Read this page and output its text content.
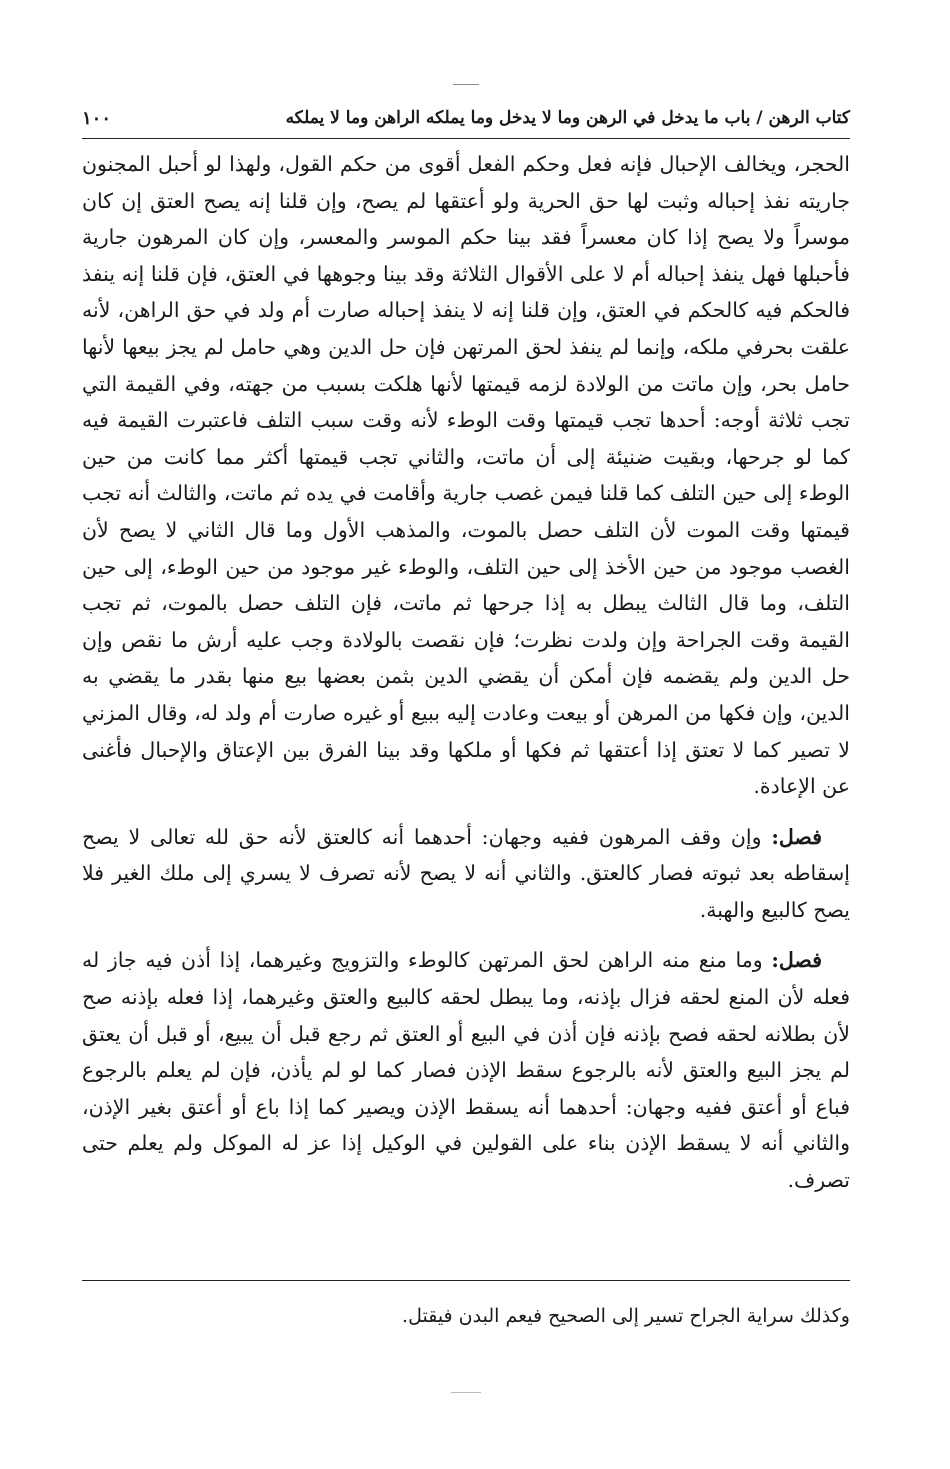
كتاب الرهن / باب ما يدخل في الرهن وما لا يدخل وما يملكه الراهن وما لا يملكه
١٠٠

الحجر، ويخالف الإحبال فإنه فعل وحكم الفعل أقوى من حكم القول، ولهذا لو أحبل المجنون جاريته نفذ إحباله وثبت لها حق الحرية ولو أعتقها لم يصح، وإن قلنا إنه يصح العتق إن كان موسراً ولا يصح إذا كان معسراً فقد بينا حكم الموسر والمعسر، وإن كان المرهون جارية فأحبلها فهل ينفذ إحباله أم لا على الأقوال الثلاثة وقد بينا وجوهها في العتق، فإن قلنا إنه ينفذ فالحكم فيه كالحكم في العتق، وإن قلنا إنه لا ينفذ إحباله صارت أم ولد في حق الراهن، لأنه علقت بحرفي ملكه، وإنما لم ينفذ لحق المرتهن فإن حل الدين وهي حامل لم يجز بيعها لأنها حامل بحر، وإن ماتت من الولادة لزمه قيمتها لأنها هلكت بسبب من جهته، وفي القيمة التي تجب ثلاثة أوجه: أحدها تجب قيمتها وقت الوطء لأنه وقت سبب التلف فاعتبرت القيمة فيه كما لو جرحها، وبقيت ضنيئة إلى أن ماتت، والثاني تجب قيمتها أكثر مما كانت من حين الوطء إلى حين التلف كما قلنا فيمن غصب جارية وأقامت في يده ثم ماتت، والثالث أنه تجب قيمتها وقت الموت لأن التلف حصل بالموت، والمذهب الأول وما قال الثاني لا يصح لأن الغصب موجود من حين الأخذ إلى حين التلف، والوطء غير موجود من حين الوطء، إلى حين التلف، وما قال الثالث يبطل به إذا جرحها ثم ماتت، فإن التلف حصل بالموت، ثم تجب القيمة وقت الجراحة وإن ولدت نظرت؛ فإن نقصت بالولادة وجب عليه أرش ما نقص وإن حل الدين ولم يقضمه فإن أمكن أن يقضي الدين بثمن بعضها بيع منها بقدر ما يقضي به الدين، وإن فكها من المرهن أو بيعت وعادت إليه ببيع أو غيره صارت أم ولد له، وقال المزني لا تصير كما لا تعتق إذا أعتقها ثم فكها أو ملكها وقد بينا الفرق بين الإعتاق والإحبال فأغنى عن الإعادة.

فصل: وإن وقف المرهون ففيه وجهان: أحدهما أنه كالعتق لأنه حق لله تعالى لا يصح إسقاطه بعد ثبوته فصار كالعتق. والثاني أنه لا يصح لأنه تصرف لا يسري إلى ملك الغير فلا يصح كالبيع والهبة.

فصل: وما منع منه الراهن لحق المرتهن كالوطء والتزويج وغيرهما، إذا أذن فيه جاز له فعله لأن المنع لحقه فزال بإذنه، وما يبطل لحقه كالبيع والعتق وغيرهما، إذا فعله بإذنه صح لأن بطلانه لحقه فصح بإذنه فإن أذن في البيع أو العتق ثم رجع قبل أن يبيع، أو قبل أن يعتق لم يجز البيع والعتق لأنه بالرجوع سقط الإذن فصار كما لو لم يأذن، فإن لم يعلم بالرجوع فباع أو أعتق ففيه وجهان: أحدهما أنه يسقط الإذن ويصير كما إذا باع أو أعتق بغير الإذن، والثاني أنه لا يسقط الإذن بناء على القولين في الوكيل إذا عز له الموكل ولم يعلم حتى تصرف.

وكذلك سراية الجراح تسير إلى الصحيح فيعم البدن فيقتل.
